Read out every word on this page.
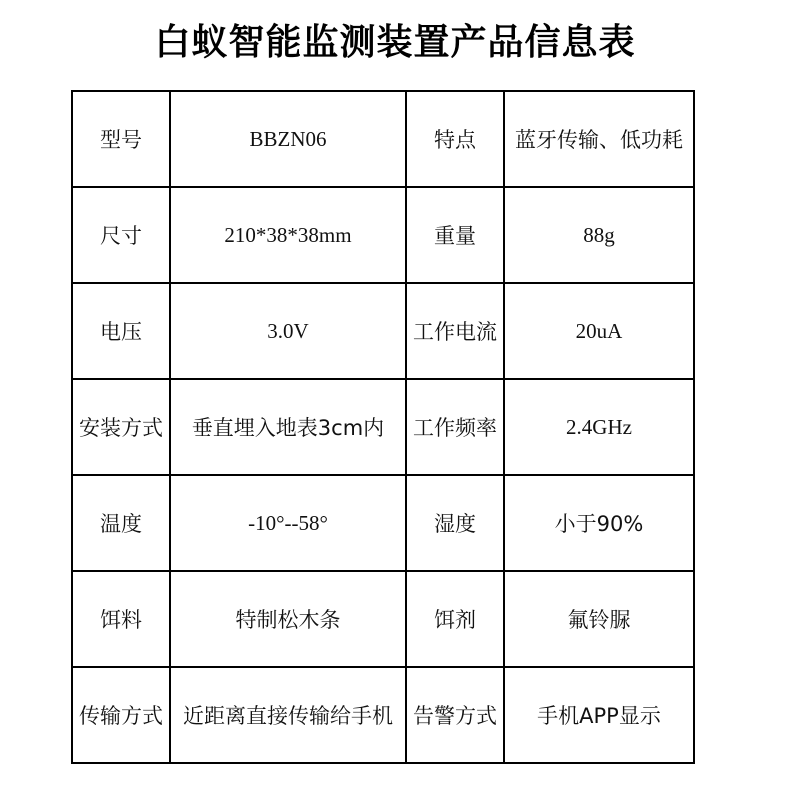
白蚁智能监测装置产品信息表
型号	BBZN06	特点	蓝牙传输、低功耗
尺寸	210*38*38mm	重量	88g
电压	3.0V	工作电流	20uA
安装方式	垂直埋入地表3cm内	工作频率	2.4GHz
温度	-10°--58°	湿度	小于90%
饵料	特制松木条	饵剂	氟铃脲
传输方式	近距离直接传输给手机	告警方式	手机APP显示
